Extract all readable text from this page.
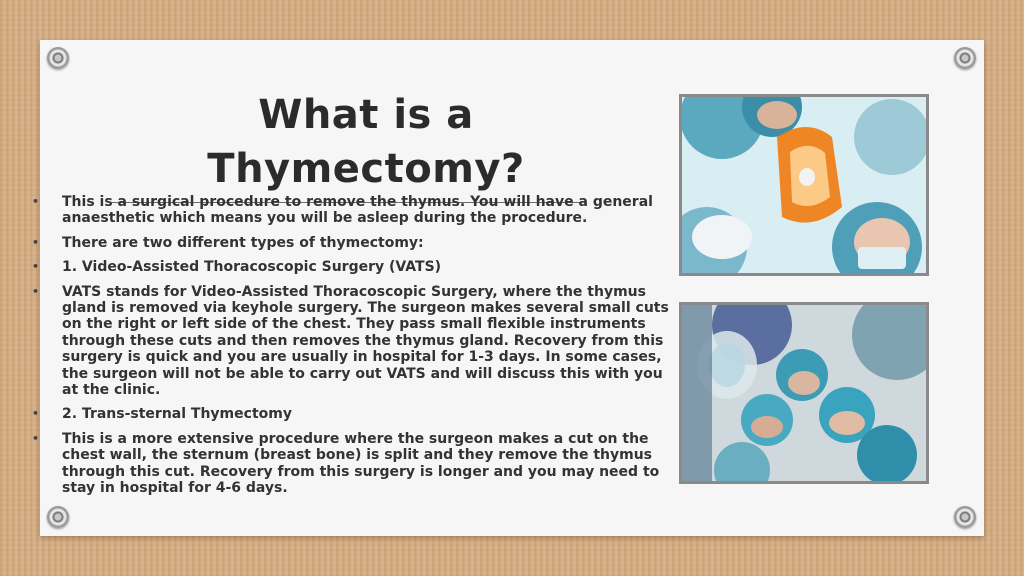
What is a
Thymectomy?
• This is a surgical procedure to remove the thymus. You will have a general anaesthetic which means you will be asleep during the procedure.
• There are two different types of thymectomy:
• 1. Video-Assisted Thoracoscopic Surgery (VATS)
• VATS stands for Video-Assisted Thoracoscopic Surgery, where the thymus gland is removed via keyhole surgery. The surgeon makes several small cuts on the right or left side of the chest. They pass small flexible instruments through these cuts and then removes the thymus gland. Recovery from this surgery is quick and you are usually in hospital for 1-3 days. In some cases, the surgeon will not be able to carry out VATS and will discuss this with you at the clinic.
• 2. Trans-sternal Thymectomy
• This is a more extensive procedure where the surgeon makes a cut on the chest wall, the sternum (breast bone) is split and they remove the thymus through this cut. Recovery from this surgery is longer and you may need to stay in hospital for 4-6 days.
